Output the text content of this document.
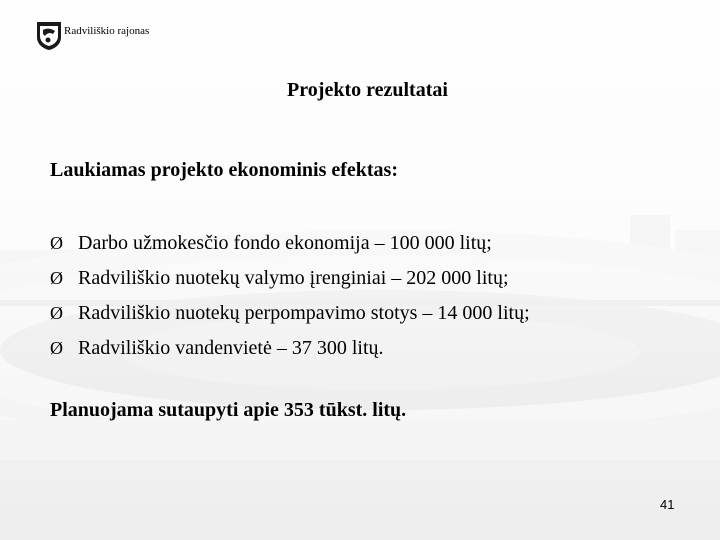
Radviliškio rajonas
Projekto rezultatai
Laukiamas projekto ekonominis efektas:
Ø Darbo užmokesčio fondo ekonomija – 100 000 litų;
Ø Radviliškio nuotekų valymo įrenginiai – 202 000 litų;
Ø Radviliškio nuotekų perpompavimo stotys – 14 000 litų;
Ø Radviliškio vandenvietė – 37 300 litų.
Planuojama sutaupyti apie 353 tūkst. litų.
41
